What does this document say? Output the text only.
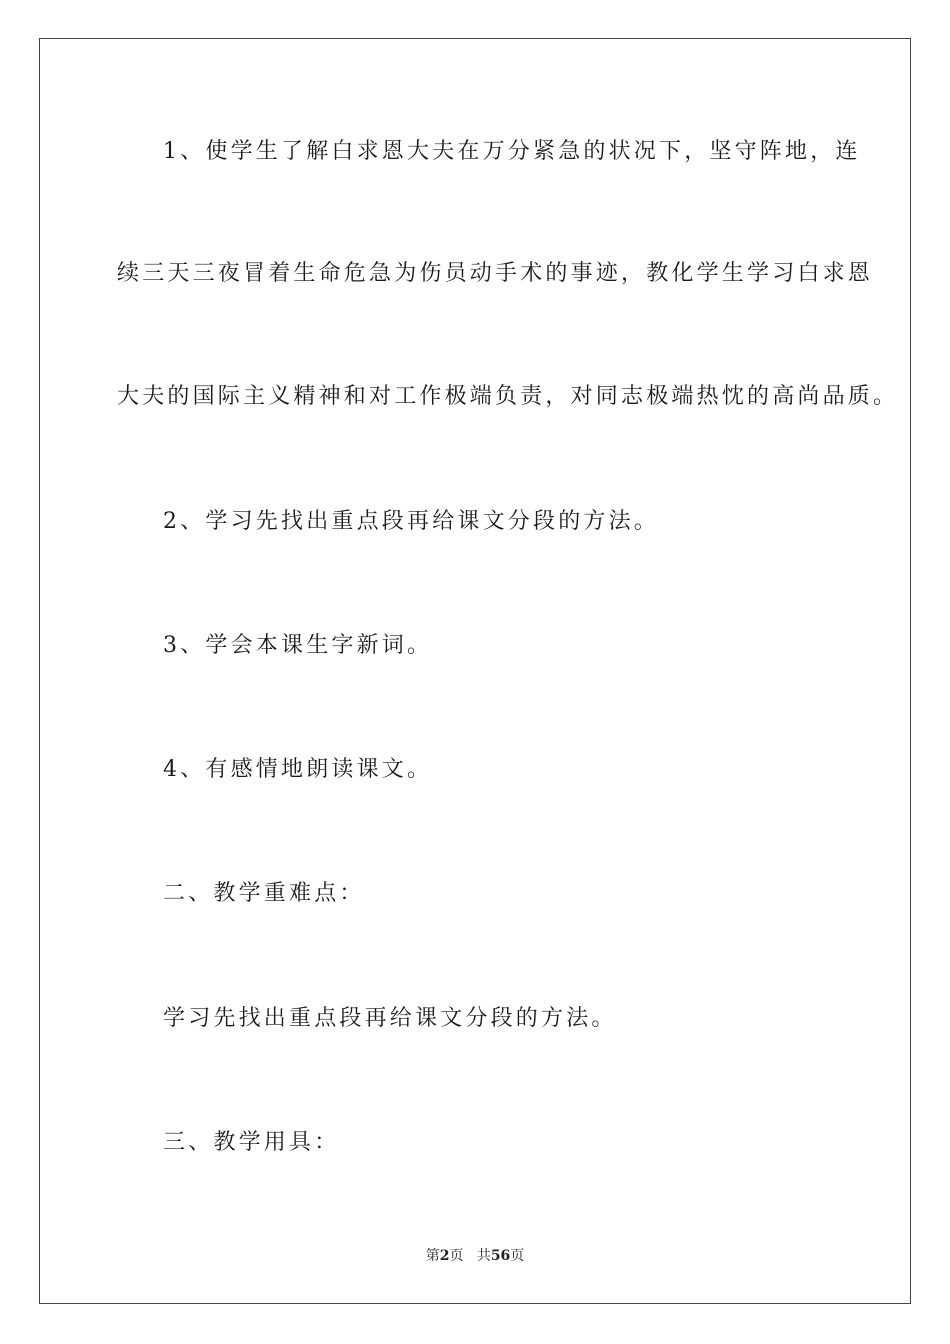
1、使学生了解白求恩大夫在万分紧急的状况下，坚守阵地，连
续三天三夜冒着生命危急为伤员动手术的事迹，教化学生学习白求恩
大夫的国际主义精神和对工作极端负责，对同志极端热忱的高尚品质。
2、学习先找出重点段再给课文分段的方法。
3、学会本课生字新词。
4、有感情地朗读课文。
二、教学重难点：
学习先找出重点段再给课文分段的方法。
三、教学用具：
第2页 共56页
